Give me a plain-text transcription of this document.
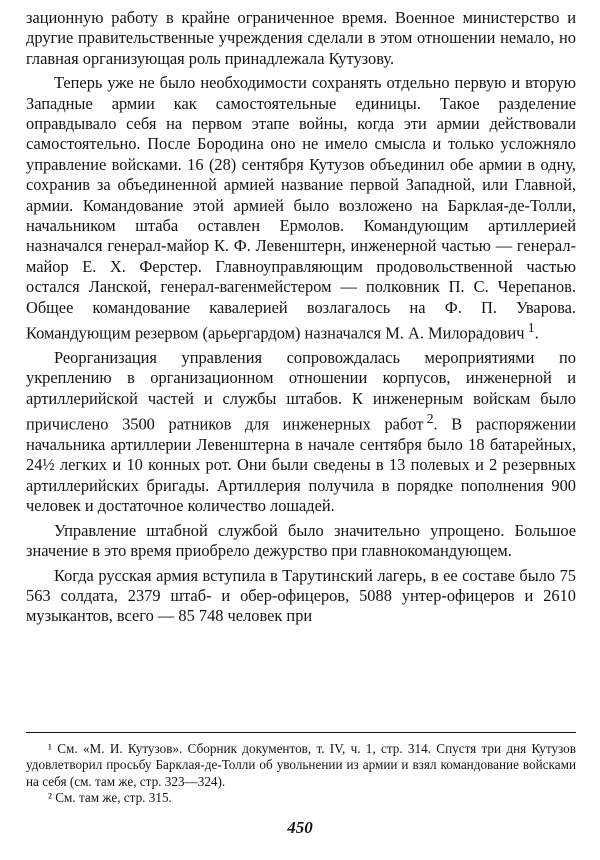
зационную работу в крайне ограниченное время. Военное министерство и другие правительственные учреждения сделали в этом отношении немало, но главная организующая роль принадлежала Кутузову.

Теперь уже не было необходимости сохранять отдельно первую и вторую Западные армии как самостоятельные единицы. Такое разделение оправдывало себя на первом этапе войны, когда эти армии действовали самостоятельно. После Бородина оно не имело смысла и только усложняло управление войсками. 16 (28) сентября Кутузов объединил обе армии в одну, сохранив за объединенной армией название первой Западной, или Главной, армии. Командование этой армией было возложено на Барклая-де-Толли, начальником штаба оставлен Ермолов. Командующим артиллерией назначался генерал-майор К. Ф. Левенштерн, инженерной частью — генерал-майор Е. Х. Ферстер. Главноуправляющим продовольственной частью остался Ланской, генерал-вагенмейстером — полковник П. С. Черепанов. Общее командование кавалерией возлагалось на Ф. П. Уварова. Командующим резервом (арьергардом) назначался М. А. Милорадович  $^1$.

Реорганизация управления сопровождалась мероприятиями по укреплению в организационном отношении корпусов, инженерной и артиллерийской частей и службы штабов. К инженерным войскам было причислено 3500 ратников для инженерных работ  $^2$. В распоряжении начальника артиллерии Левенштерна в начале сентября было 18 батарейных, 24½ легких и 10 конных рот. Они были сведены в 13 полевых и 2 резервных артиллерийских бригады. Артиллерия получила в порядке пополнения 900 человек и достаточное количество лошадей.

Управление штабной службой было значительно упрощено. Большое значение в это время приобрело дежурство при главнокомандующем.

Когда русская армия вступила в Тарутинский лагерь, в ее составе было 75 563 солдата, 2379 штаб- и обер-офицеров, 5088 унтер-офицеров и 2610 музыкантов, всего — 85 748 человек при

¹ См. «М. И. Кутузов». Сборник документов, т. IV, ч. 1, стр. 314. Спустя три дня Кутузов удовлетворил просьбу Барклая-де-Толли об увольнении из армии и взял командование войсками на себя (см. там же, стр. 323—324).

² См. там же, стр. 315.

450
